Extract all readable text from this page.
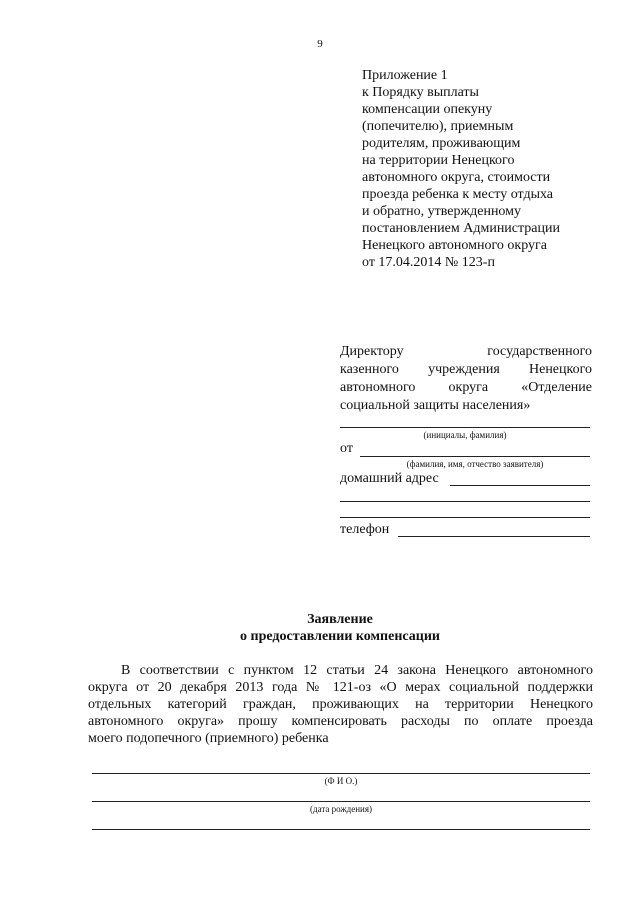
9
Приложение 1
к Порядку выплаты
компенсации опекуну
(попечителю), приемным
родителям, проживающим
на территории Ненецкого
автономного округа, стоимости
проезда ребенка к месту отдыха
и обратно, утвержденному
постановлением Администрации
Ненецкого автономного округа
от 17.04.2014 № 123-п
Директору государственного
казенного учреждения Ненецкого
автономного округа «Отделение
социальной защиты населения»
(инициалы, фамилия)
от
(фамилия, имя, отчество заявителя)
домашний адрес
телефон
Заявление
о предоставлении компенсации
В соответствии с пунктом 12 статьи 24 закона Ненецкого автономного
округа от 20 декабря 2013 года № 121-оз «О мерах социальной поддержки
отдельных категорий граждан, проживающих на территории Ненецкого
автономного округа» прошу компенсировать расходы по оплате проезда
моего подопечного (приемного) ребенка
(Ф И О.)
(дата рождения)
